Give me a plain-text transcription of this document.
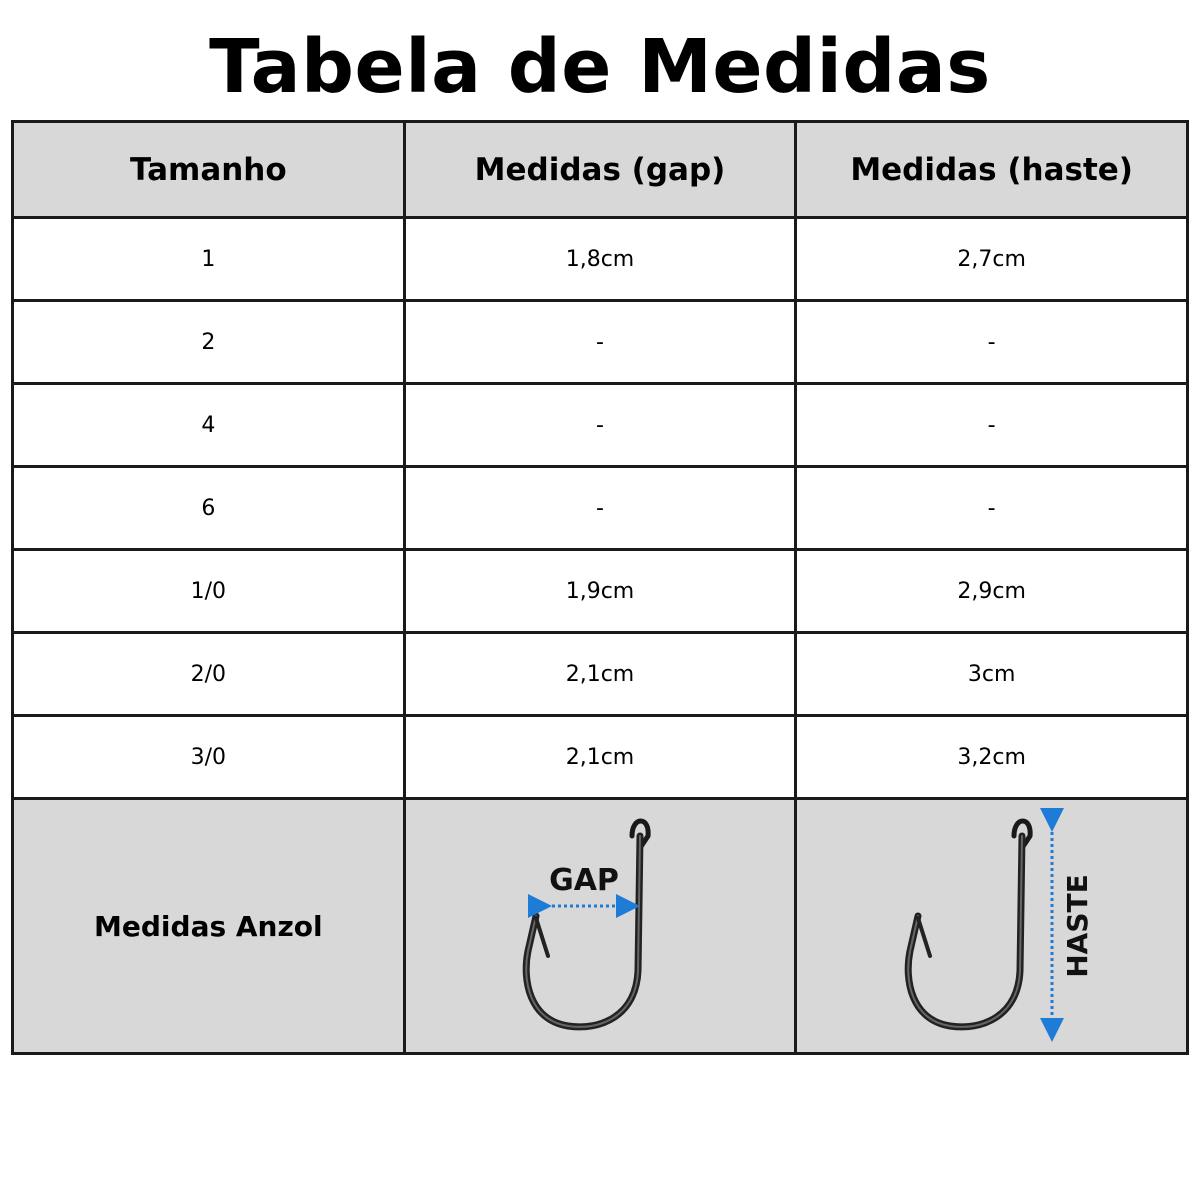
Tabela de Medidas
Tamanho	Medidas (gap)	Medidas (haste)
1	1,8cm	2,7cm
2	-	-
4	-	-
6	-	-
1/0	1,9cm	2,9cm
2/0	2,1cm	3cm
3/0	2,1cm	3,2cm
Medidas Anzol	GAP	HASTE
